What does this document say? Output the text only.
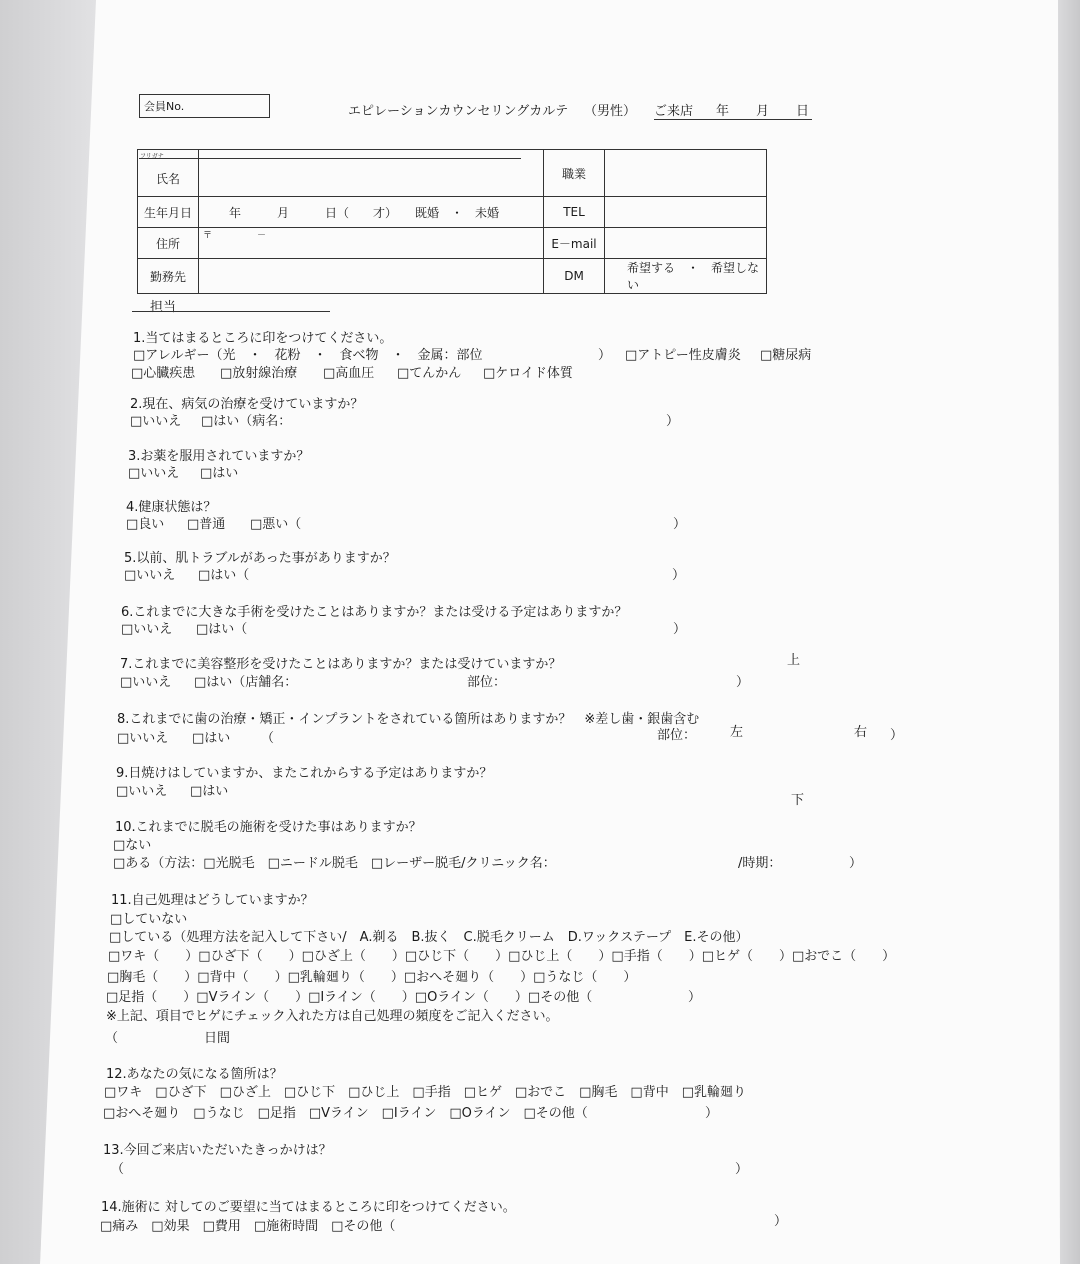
会員No.	エピレーションカウンセリングカルテ （男性） ご来店 年 月 日
氏名		職業	
生年月日	年　　　月　　　日（　　才）　　既婚　・　未婚	TEL	
住所	〒　　　　　－	E－mail	
勤務先		DM	希望する　・　希望しない
フリガナ
担当
1.当てはまるところに印をつけてください。
□アレルギー（光　・　花粉　・　食べ物　・　金属：部位	） □アトピー性皮膚炎 □糖尿病
□心臓疾患 □放射線治療 □高血圧 □てんかん □ケロイド体質
2.現在、病気の治療を受けていますか？
□いいえ □はい（病名：	）
3.お薬を服用されていますか？
□いいえ □はい
4.健康状態は？
□良い □普通 □悪い（	）
5.以前、肌トラブルがあった事がありますか？
□いいえ □はい（	）
6.これまでに大きな手術を受けたことはありますか？または受ける予定はありますか？
□いいえ □はい（	）
7.これまでに美容整形を受けたことはありますか？または受けていますか？
□いいえ □はい（店舗名：	部位：	）
上
8.これまでに歯の治療・矯正・インプラントをされている箇所はありますか？　※差し歯・銀歯含む
□いいえ □はい （	部位：	左	右 ）
9.日焼けはしていますか、またこれからする予定はありますか？
□いいえ □はい
下
10.これまでに脱毛の施術を受けた事はありますか？
□ない
□ある（方法：□光脱毛　□ニードル脱毛　□レーザー脱毛/クリニック名：	/時期：	）
11.自己処理はどうしていますか？
□していない
□している（処理方法を記入して下さい/　A.剃る　B.抜く　C.脱毛クリーム　D.ワックステープ　E.その他）
□ワキ（　　）□ひざ下（　　）□ひざ上（　　）□ひじ下（　　）□ひじ上（　　）□手指（　　）□ヒゲ（　　）□おでこ（　　）
□胸毛（　　）□背中（　　）□乳輪廻り（　　）□おへそ廻り（　　）□うなじ（　　）
□足指（　　）□Vライン（　　）□Iライン（　　）□Oライン（　　）□その他（	）
※上記、項目でヒゲにチェック入れた方は自己処理の頻度をご記入ください。
（	日間
12.あなたの気になる箇所は？
□ワキ　□ひざ下　□ひざ上　□ひじ下　□ひじ上　□手指　□ヒゲ　□おでこ　□胸毛　□背中　□乳輪廻り
□おへそ廻り　□うなじ　□足指　□Vライン　□Iライン　□Oライン　□その他（	）
13.今回ご来店いただいたきっかけは？
（	）
14.施術に 対してのご要望に当てはまるところに印をつけてください。
□痛み　□効果　□費用　□施術時間　□その他（	）
